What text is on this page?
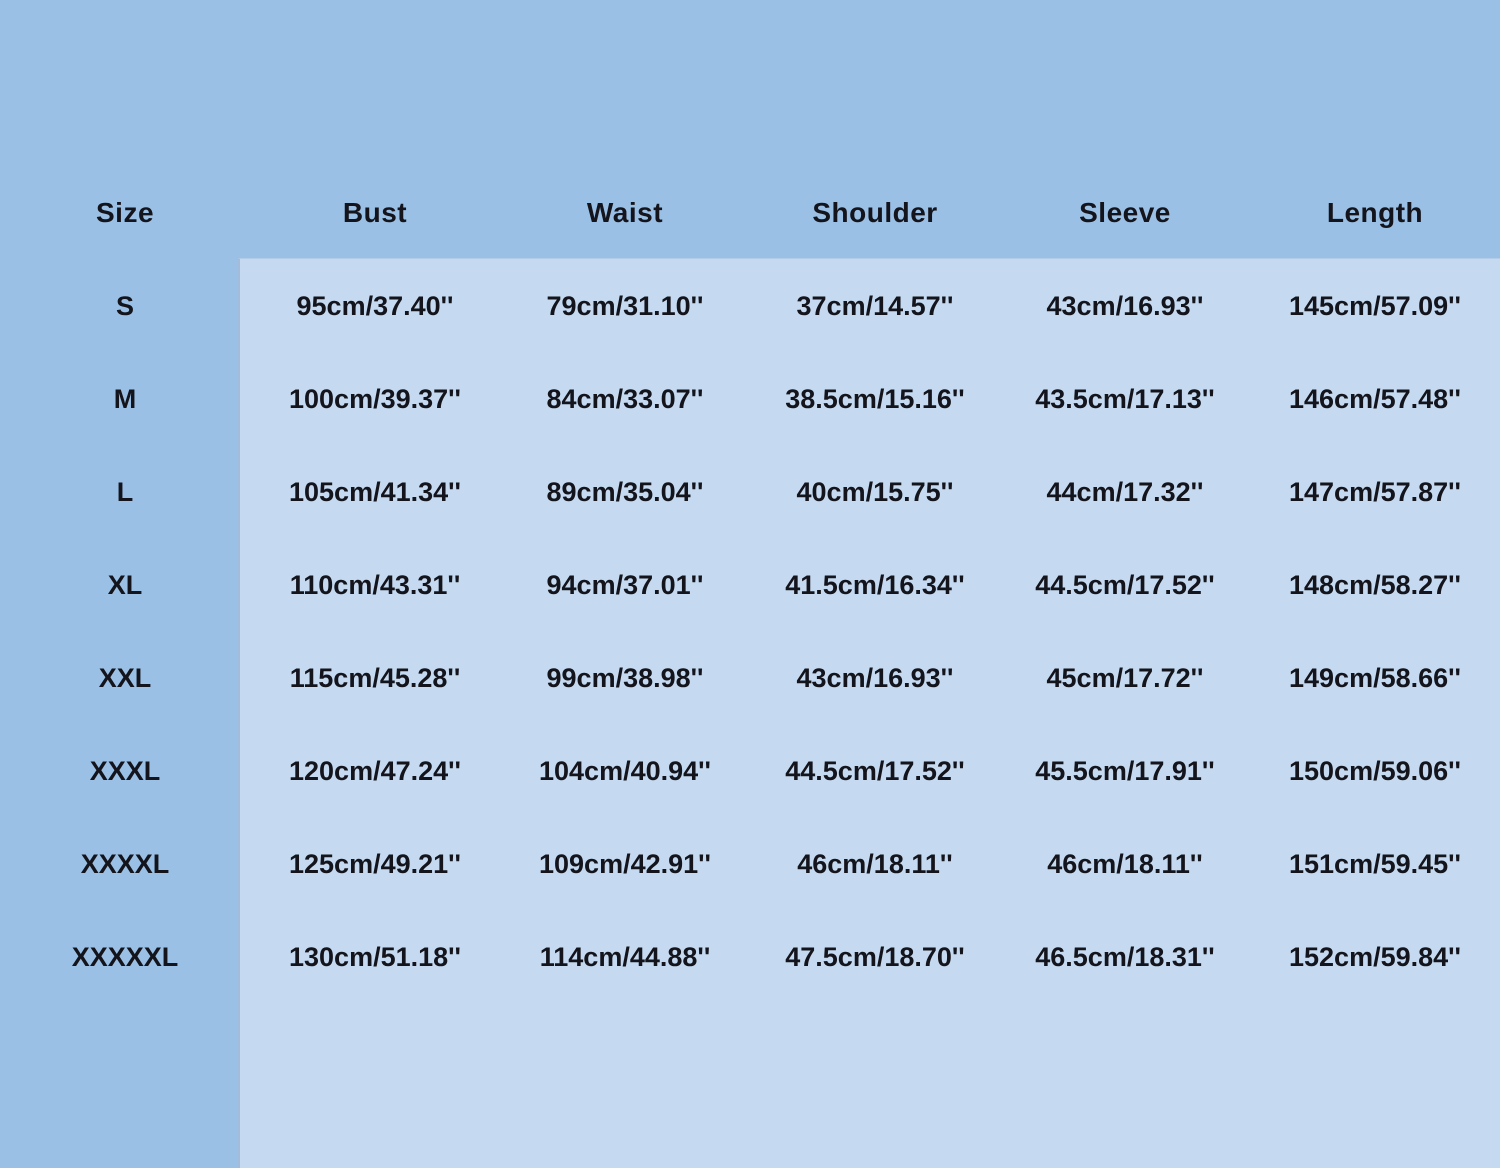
Size	Bust	Waist	Shoulder	Sleeve	Length
S	95cm/37.40''	79cm/31.10''	37cm/14.57''	43cm/16.93''	145cm/57.09''
M	100cm/39.37''	84cm/33.07''	38.5cm/15.16''	43.5cm/17.13''	146cm/57.48''
L	105cm/41.34''	89cm/35.04''	40cm/15.75''	44cm/17.32''	147cm/57.87''
XL	110cm/43.31''	94cm/37.01''	41.5cm/16.34''	44.5cm/17.52''	148cm/58.27''
XXL	115cm/45.28''	99cm/38.98''	43cm/16.93''	45cm/17.72''	149cm/58.66''
XXXL	120cm/47.24''	104cm/40.94''	44.5cm/17.52''	45.5cm/17.91''	150cm/59.06''
XXXXL	125cm/49.21''	109cm/42.91''	46cm/18.11''	46cm/18.11''	151cm/59.45''
XXXXXL	130cm/51.18''	114cm/44.88''	47.5cm/18.70''	46.5cm/18.31''	152cm/59.84''
